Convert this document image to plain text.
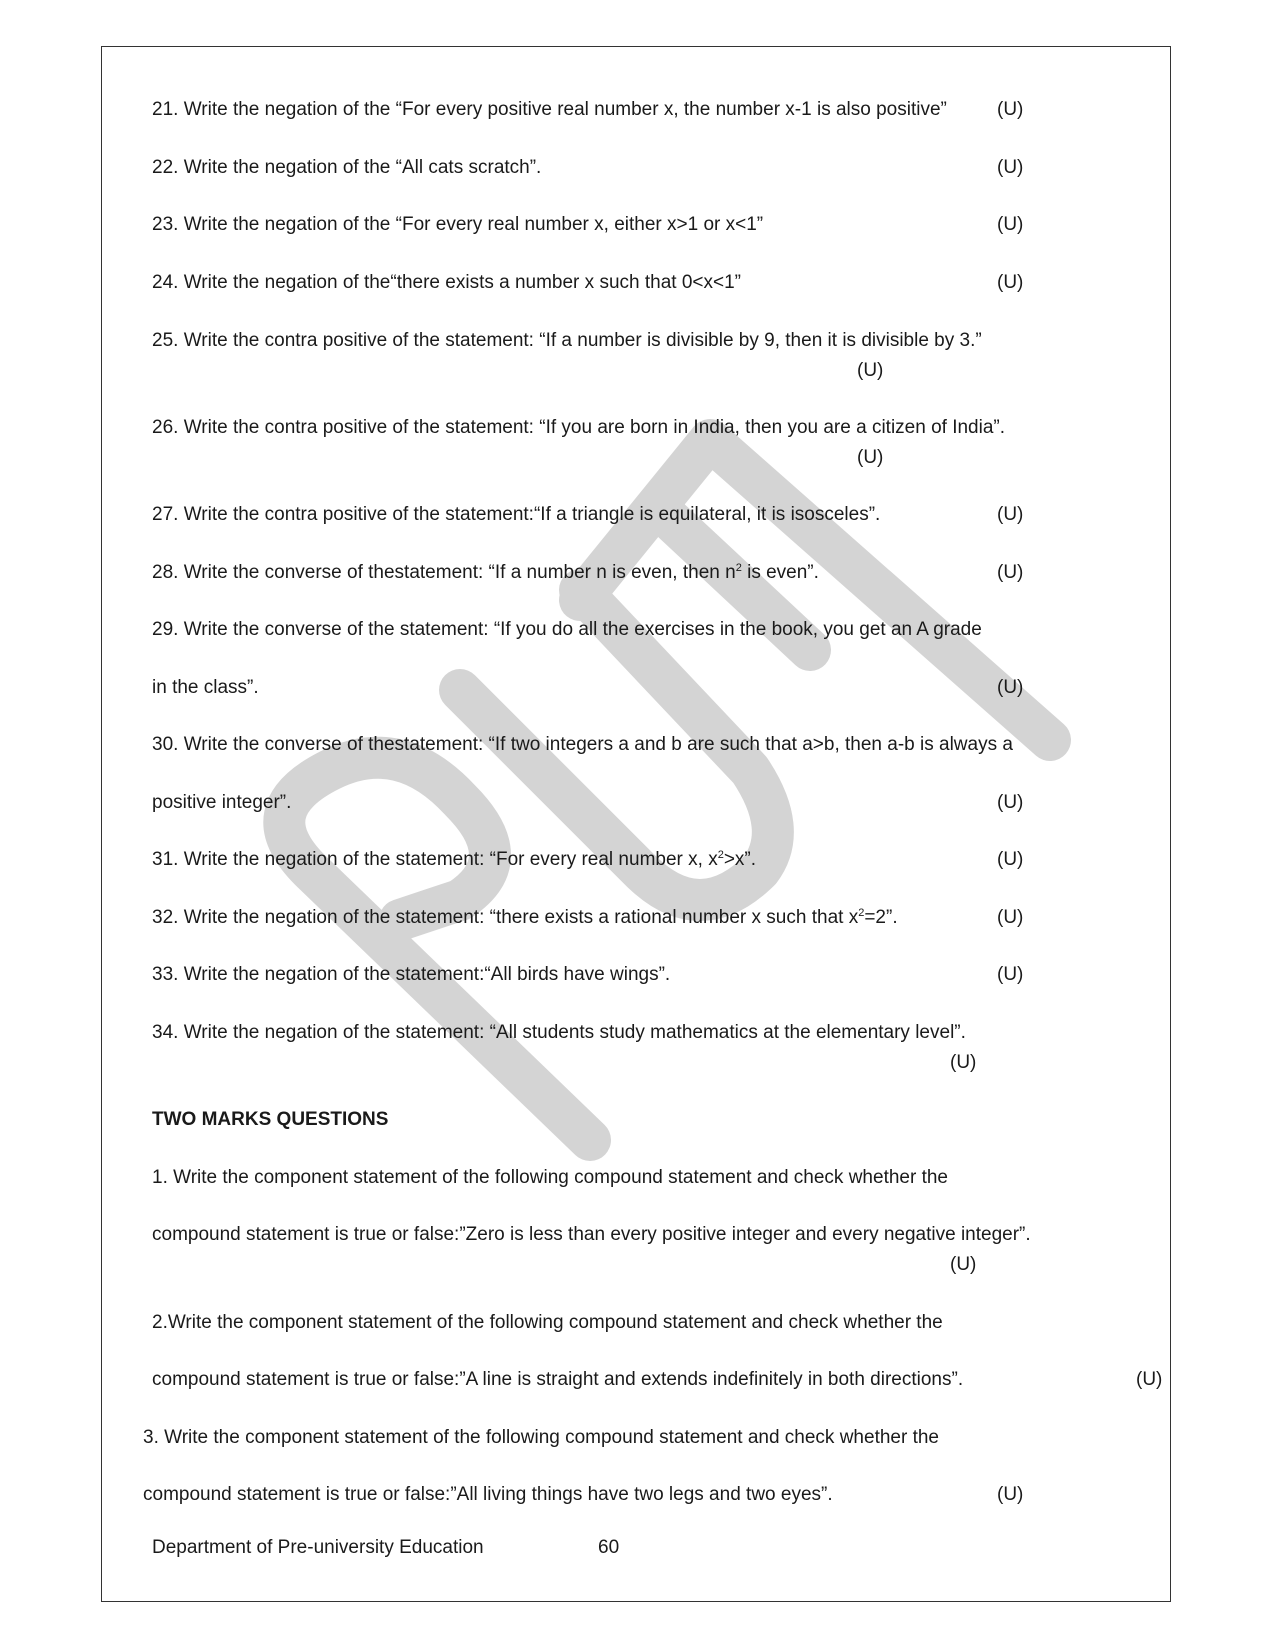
21. Write the negation of the “For every positive real number x, the number x-1 is also positive”	(U)
22. Write the negation of the “All cats scratch”.	(U)
23. Write the negation of the “For every real number x, either x>1 or x<1”	(U)
24. Write the negation of the“there exists a number x such that 0<x<1”	(U)
25. Write the contra positive of the statement: “If a number is divisible by 9, then it is divisible by 3.”
(U)
26. Write the contra positive of the statement: “If you are born in India, then you are a citizen of India”.
(U)
27. Write the contra positive of the statement:“If a triangle is equilateral, it is isosceles”.	(U)
28. Write the converse of thestatement: “If a number n is even, then $n^2$ is even”.	(U)
29. Write the converse of the statement: “If you do all the exercises in the book, you get an A grade
in the class”.	(U)
30. Write the converse of thestatement: “If two integers a and b are such that a>b, then a-b is always a
positive integer”.	(U)
31. Write the negation of the statement: “For every real number x, $x^2>x$”.	(U)
32. Write the negation of the statement: “there exists a rational number x such that $x^2=2$”.	(U)
33. Write the negation of the statement:“All birds have wings”.	(U)
34. Write the negation of the statement: “All students study mathematics at the elementary level”.
(U)
TWO MARKS QUESTIONS
1. Write the component statement of the following compound statement and check whether the
compound statement is true or false:”Zero is less than every positive integer and every negative integer”.
(U)
2.Write the component statement of the following compound statement and check whether the
compound statement is true or false:”A line is straight and extends indefinitely in both directions”.	(U)
3. Write the component statement of the following compound statement and check whether the
compound statement is true or false:”All living things have two legs and two eyes”.	(U)
Department of Pre-university Education	60
